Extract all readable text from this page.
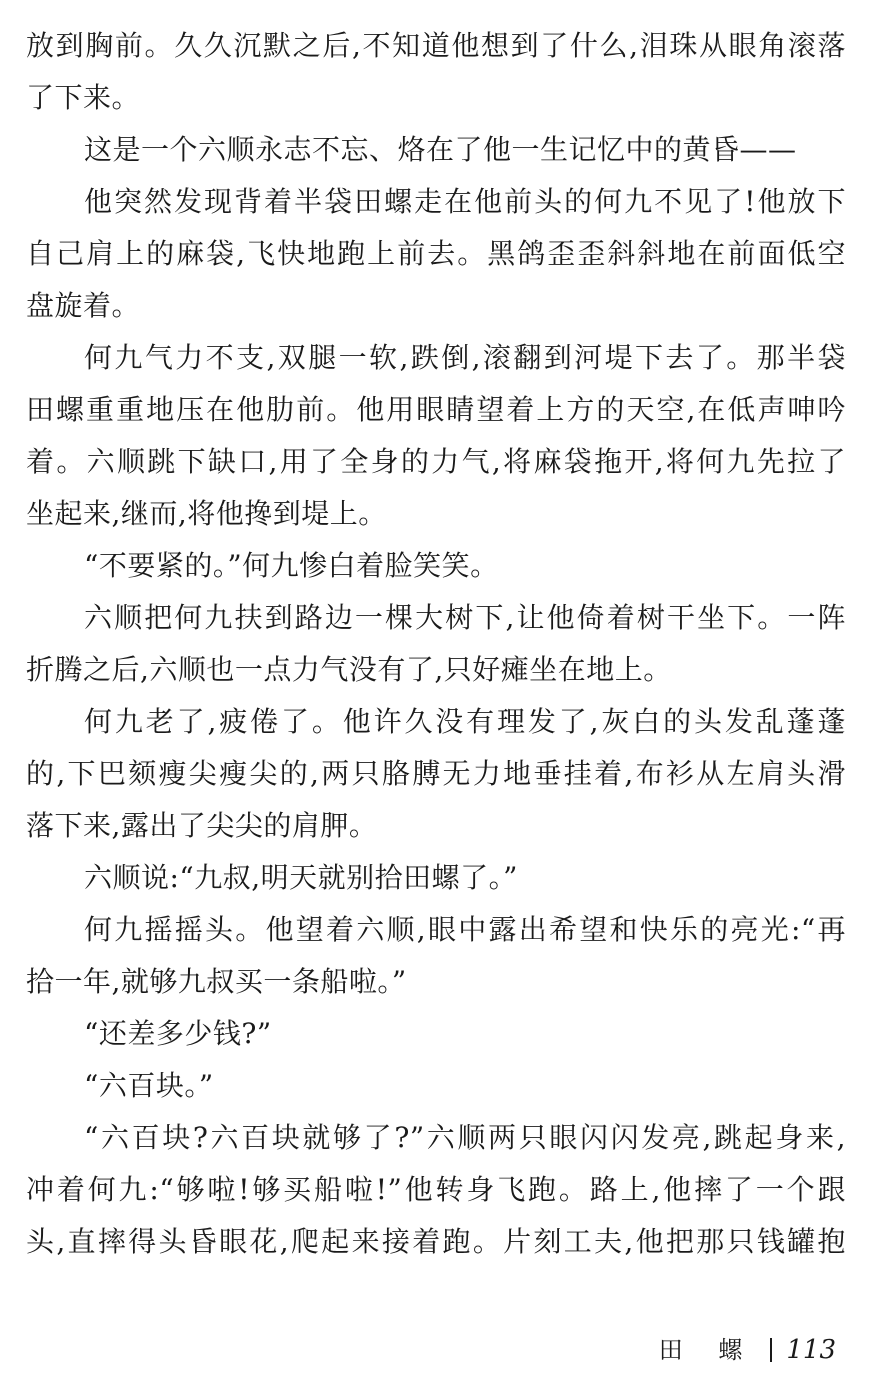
放到胸前。久久沉默之后,不知道他想到了什么,泪珠从眼角滚落
了下来。
这是一个六顺永志不忘、烙在了他一生记忆中的黄昏——
他突然发现背着半袋田螺走在他前头的何九不见了!他放下
自己肩上的麻袋,飞快地跑上前去。黑鸽歪歪斜斜地在前面低空
盘旋着。
何九气力不支,双腿一软,跌倒,滚翻到河堤下去了。那半袋
田螺重重地压在他肋前。他用眼睛望着上方的天空,在低声呻吟
着。六顺跳下缺口,用了全身的力气,将麻袋拖开,将何九先拉了
坐起来,继而,将他搀到堤上。
“不要紧的。”何九惨白着脸笑笑。
六顺把何九扶到路边一棵大树下,让他倚着树干坐下。一阵
折腾之后,六顺也一点力气没有了,只好瘫坐在地上。
何九老了,疲倦了。他许久没有理发了,灰白的头发乱蓬蓬
的,下巴颏瘦尖瘦尖的,两只胳膊无力地垂挂着,布衫从左肩头滑
落下来,露出了尖尖的肩胛。
六顺说:“九叔,明天就别拾田螺了。”
何九摇摇头。他望着六顺,眼中露出希望和快乐的亮光:“再
拾一年,就够九叔买一条船啦。”
“还差多少钱?”
“六百块。”
“六百块?六百块就够了?”六顺两只眼闪闪发亮,跳起身来,
冲着何九:“够啦!够买船啦!”他转身飞跑。路上,他摔了一个跟
头,直摔得头昏眼花,爬起来接着跑。片刻工夫,他把那只钱罐抱
田 螺 113
